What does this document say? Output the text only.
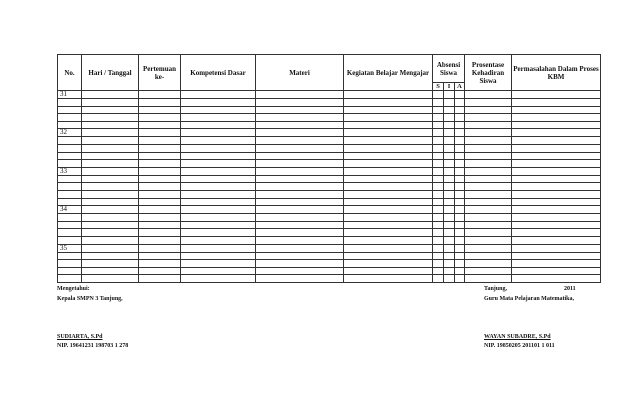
No.	Hari / Tanggal	Pertemuan ke-	Kompetensi Dasar	Materi	Kegiatan Belajar Mengajar	Absensi Siswa			Prosentase Kehadiran Siswa	Permasalahan Dalam Proses KBM
						S	I	A		
31										

32										

33										

34										

35										

Mengetahui:
Kepala SMPN 3 Tanjung,
SUDIARTA, S.Pd
NIP. 19641231 198703 1 278
Tanjung,	2011
Guru Mata Pelajaran Matematika,
WAYAN SUBADRE, S.Pd
NIP. 19850205 201101 1 011
